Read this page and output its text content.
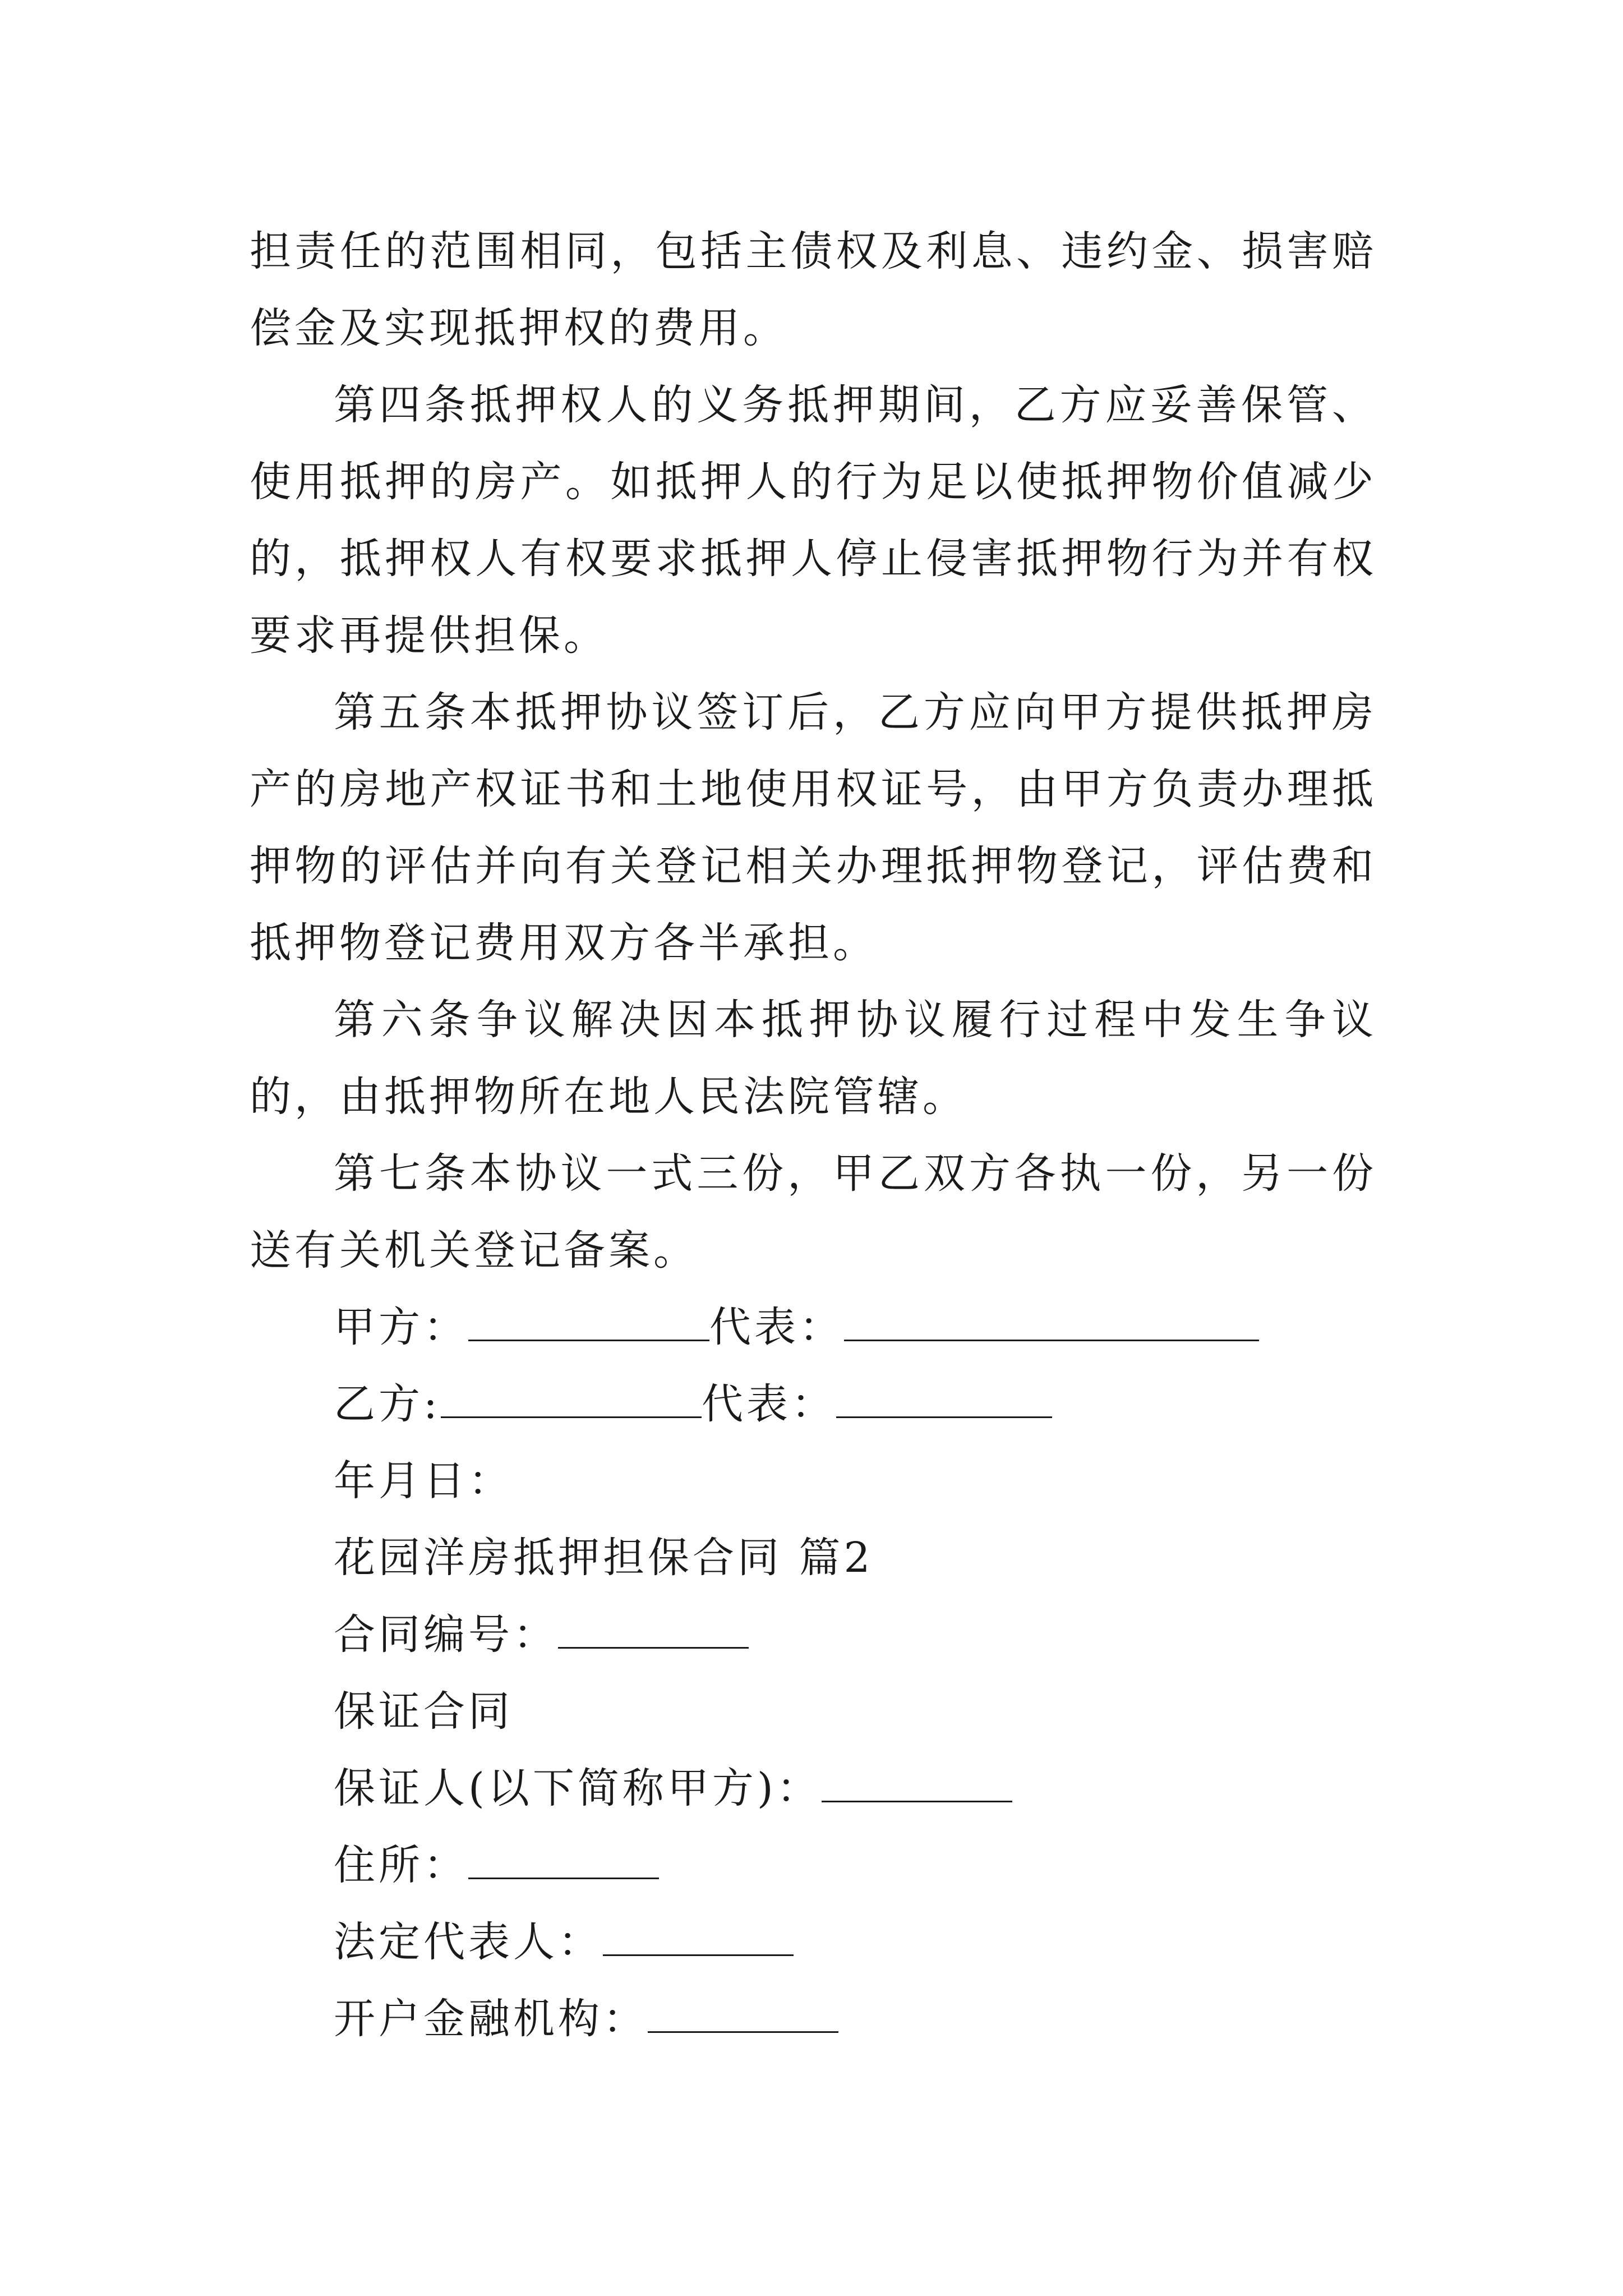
担责任的范围相同，包括主债权及利息、违约金、损害赔偿金及实现抵押权的费用。

第四条抵押权人的义务抵押期间，乙方应妥善保管、使用抵押的房产。如抵押人的行为足以使抵押物价值减少的，抵押权人有权要求抵押人停止侵害抵押物行为并有权要求再提供担保。

第五条本抵押协议签订后，乙方应向甲方提供抵押房产的房地产权证书和土地使用权证号，由甲方负责办理抵押物的评估并向有关登记相关办理抵押物登记，评估费和抵押物登记费用双方各半承担。

第六条争议解决因本抵押协议履行过程中发生争议的，由抵押物所在地人民法院管辖。

第七条本协议一式三份，甲乙双方各执一份，另一份送有关机关登记备案。

甲方：	代表：
乙方:	代表：
年月日：
花园洋房抵押担保合同 篇2
合同编号：
保证合同
保证人(以下简称甲方)：
住所：
法定代表人：
开户金融机构：
